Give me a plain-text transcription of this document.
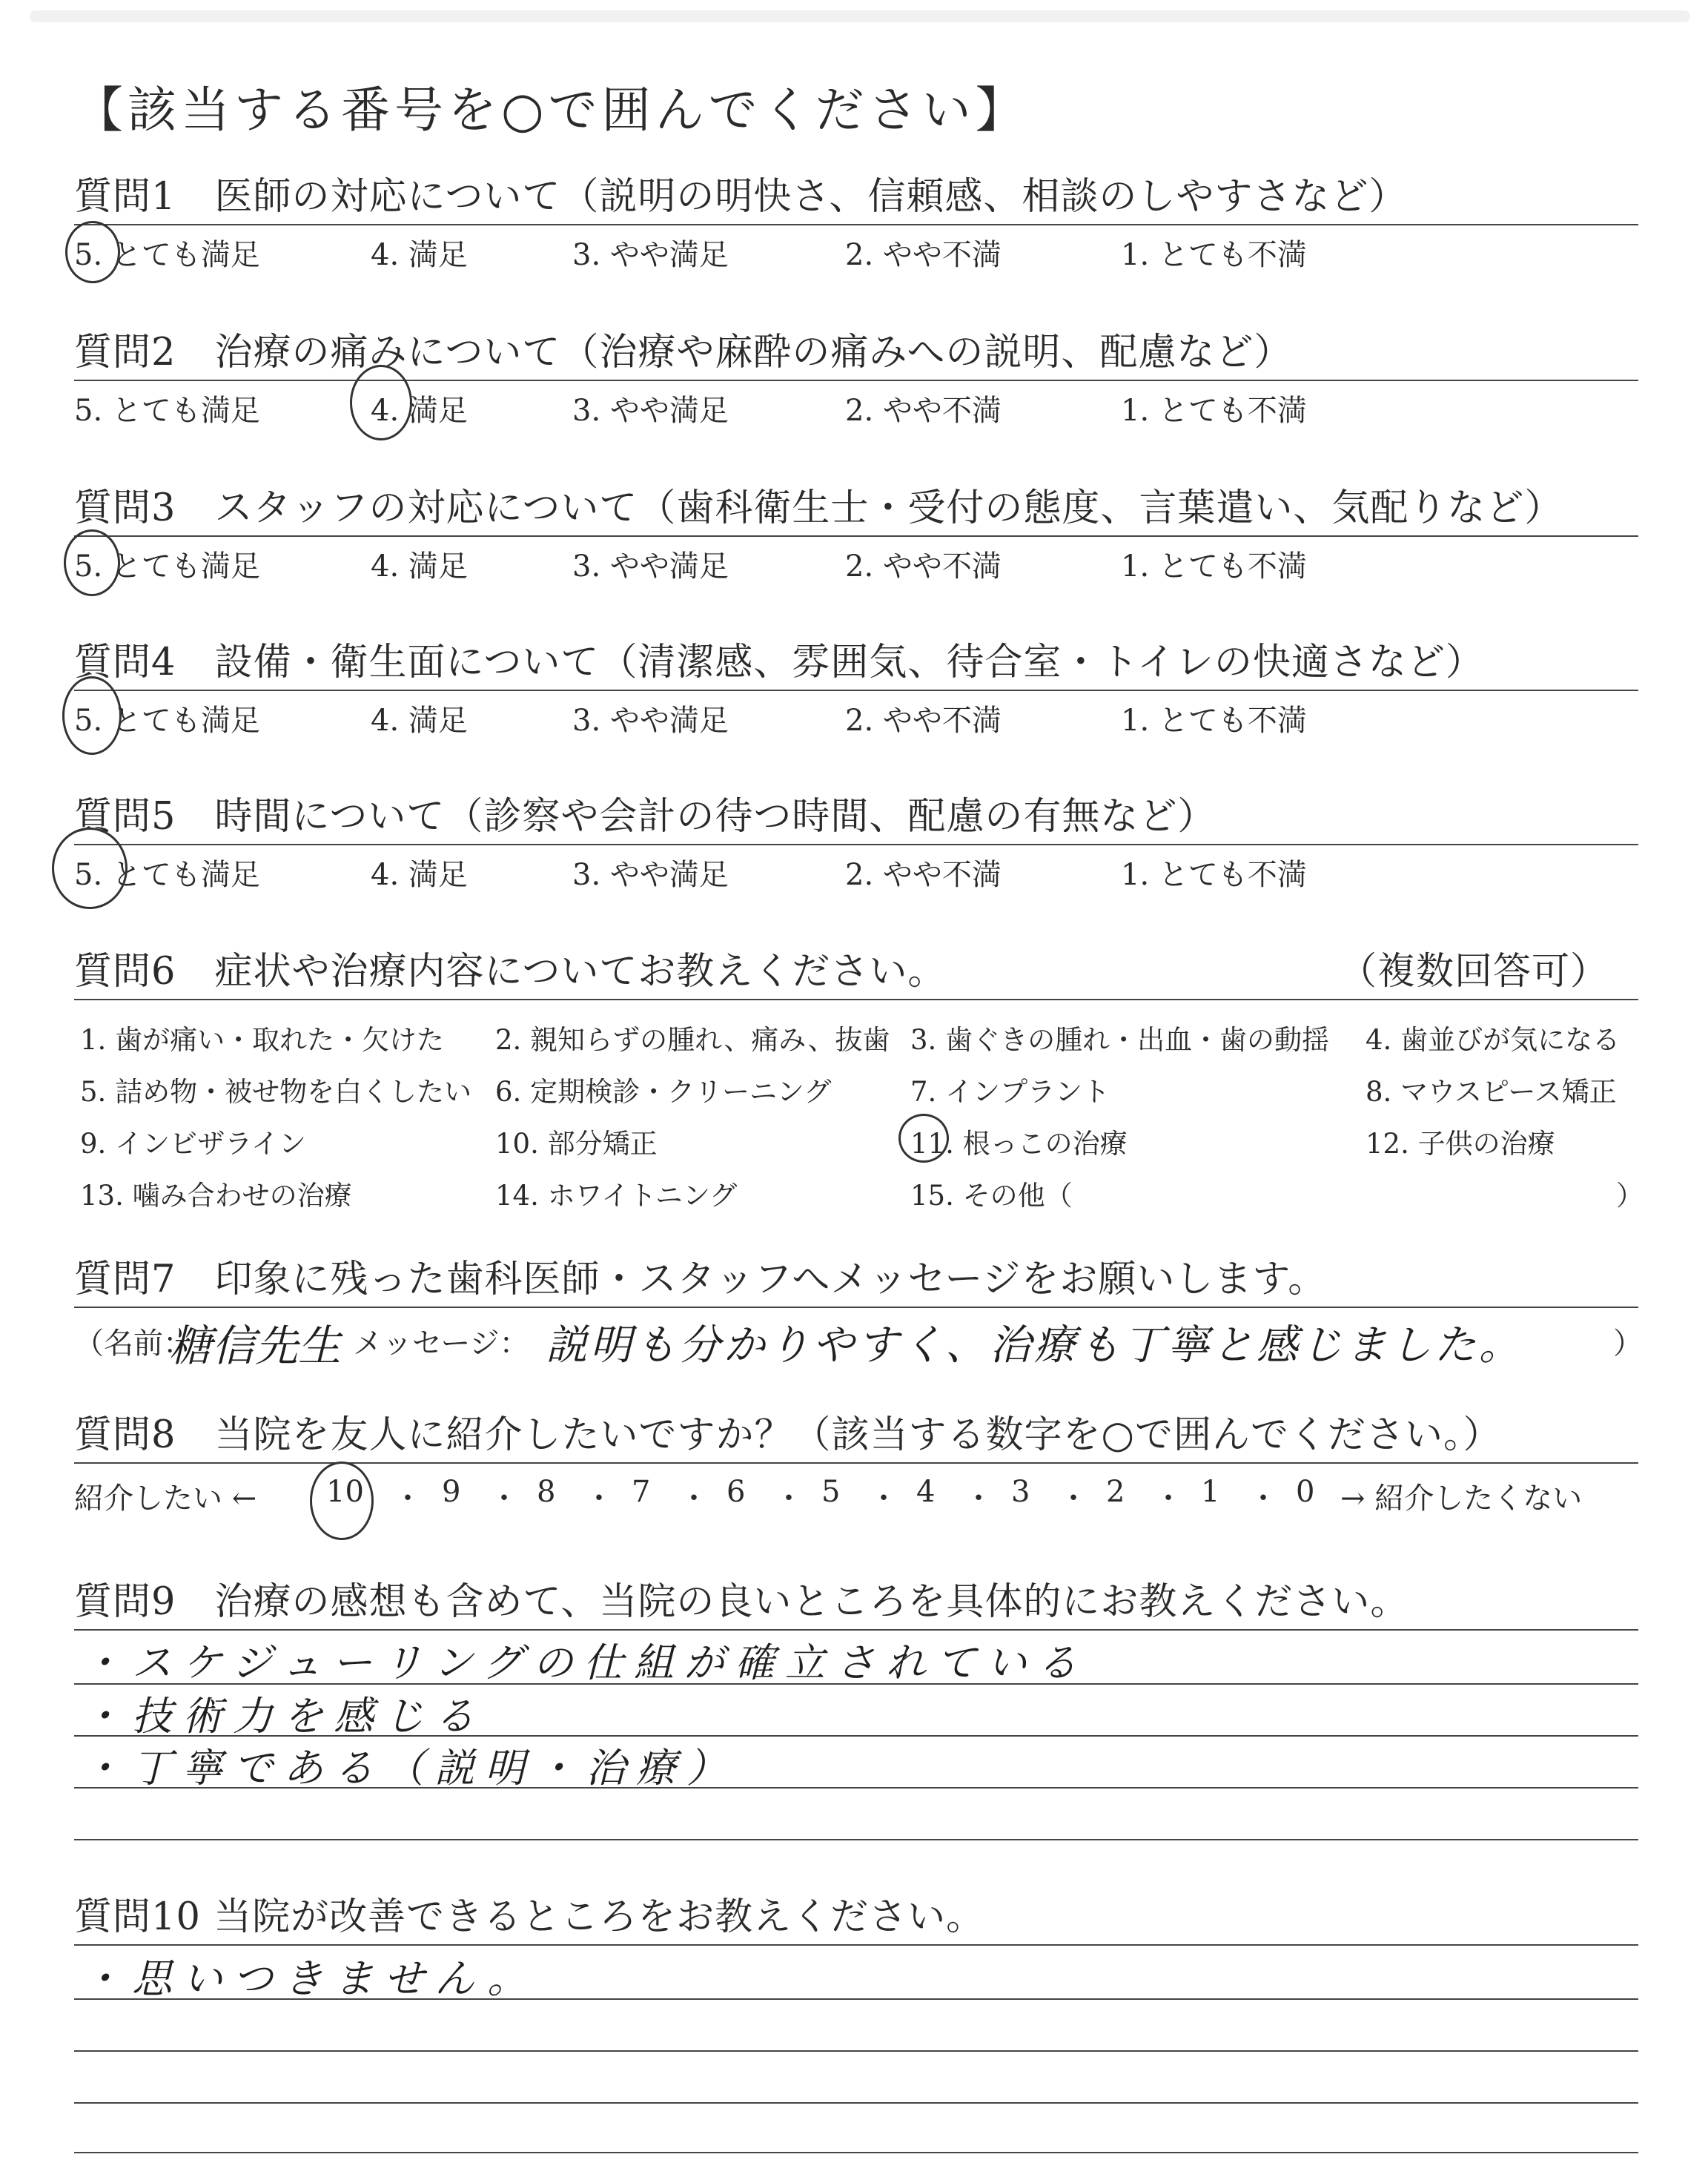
【該当する番号を○で囲んでください】
質問1　医師の対応について（説明の明快さ、信頼感、相談のしやすさなど）
5. とても満足	4. 満足	3. やや満足	2. やや不満	1. とても不満
質問2　治療の痛みについて（治療や麻酔の痛みへの説明、配慮など）
5. とても満足	4. 満足	3. やや満足	2. やや不満	1. とても不満
質問3　スタッフの対応について（歯科衛生士・受付の態度、言葉遣い、気配りなど）
5. とても満足	4. 満足	3. やや満足	2. やや不満	1. とても不満
質問4　設備・衛生面について（清潔感、雰囲気、待合室・トイレの快適さなど）
5. とても満足	4. 満足	3. やや満足	2. やや不満	1. とても不満
質問5　時間について（診察や会計の待つ時間、配慮の有無など）
5. とても満足	4. 満足	3. やや満足	2. やや不満	1. とても不満
質問6　症状や治療内容についてお教えください。	（複数回答可）
1. 歯が痛い・取れた・欠けた 2. 親知らずの腫れ、痛み、抜歯 3. 歯ぐきの腫れ・出血・歯の動揺 4. 歯並びが気になる
5. 詰め物・被せ物を白くしたい 6. 定期検診・クリーニング	7. インプラント	8. マウスピース矯正
9. インビザライン	10. 部分矯正	11. 根っこの治療	12. 子供の治療
13. 噛み合わせの治療	14. ホワイトニング	15. その他（	）
質問7　印象に残った歯科医師・スタッフへメッセージをお願いします。
（名前：
糖信先生 メッセージ： 説明も分かりやすく、治療も丁寧と感じました。	）
質問8　当院を友人に紹介したいですか？（該当する数字を○で囲んでください。）
紹介したい ← 10 ・ 9 ・ 8 ・ 7 ・ 6 ・ 5 ・ 4 ・ 3 ・ 2 ・ 1 ・ 0 → 紹介したくない
質問9　治療の感想も含めて、当院の良いところを具体的にお教えください。
・スケジューリングの仕組が確立されている
・技術力を感じる
・丁寧である（説明・治療）
質問10 当院が改善できるところをお教えください。
・思いつきません。
